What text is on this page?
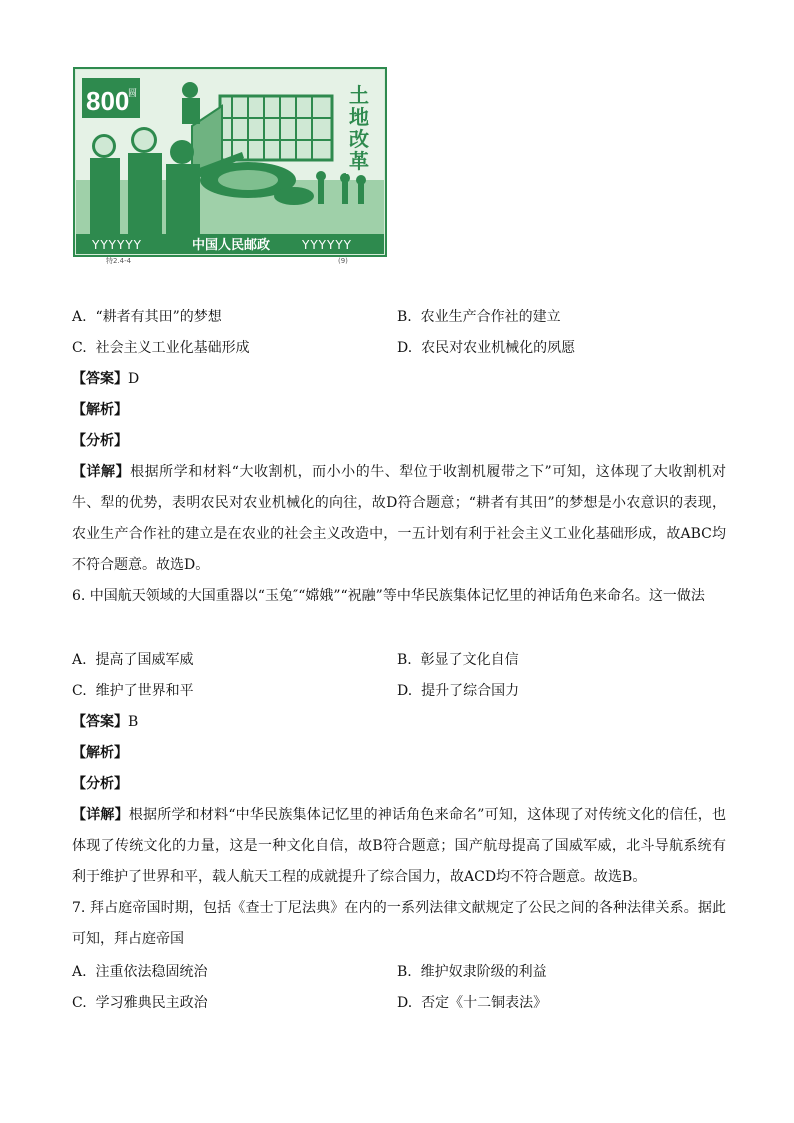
800
圆	土
地
改
革
YYYYYY	YYYYYY
中国人民邮政
特2.4-4	(9)
A. “耕者有其田”的梦想	B. 农业生产合作社的建立
C. 社会主义工业化基础形成	D. 农民对农业机械化的夙愿
【答案】D
【解析】
【分析】
【详解】根据所学和材料“大收割机，而小小的牛、犁位于收割机履带之下”可知，这体现了大收割机对牛、犁的优势，表明农民对农业机械化的向往，故D符合题意；“耕者有其田”的梦想是小农意识的表现，农业生产合作社的建立是在农业的社会主义改造中，一五计划有利于社会主义工业化基础形成，故ABC均不符合题意。故选D。
6. 中国航天领域的大国重器以“玉兔″“嫦娥”“祝融”等中华民族集体记忆里的神话角色来命名。这一做法
A. 提高了国威军威	B. 彰显了文化自信
C. 维护了世界和平	D. 提升了综合国力
【答案】B
【解析】
【分析】
【详解】根据所学和材料“中华民族集体记忆里的神话角色来命名”可知，这体现了对传统文化的信任，也体现了传统文化的力量，这是一种文化自信，故B符合题意；国产航母提高了国威军威，北斗导航系统有利于维护了世界和平，载人航天工程的成就提升了综合国力，故ACD均不符合题意。故选B。
7. 拜占庭帝国时期，包括《查士丁尼法典》在内的一系列法律文献规定了公民之间的各种法律关系。据此可知，拜占庭帝国
A. 注重依法稳固统治	B. 维护奴隶阶级的利益
C. 学习雅典民主政治	D. 否定《十二铜表法》
